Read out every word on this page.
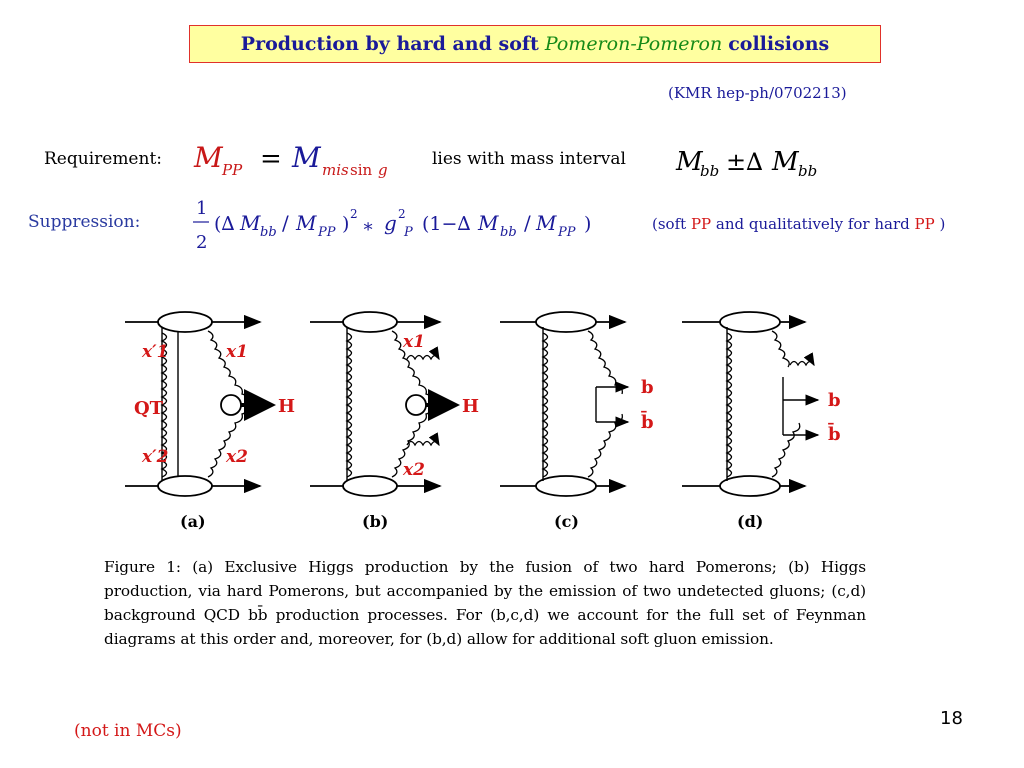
Production by hard and soft Pomeron-Pomeron collisions
(KMR hep-ph/0702213)
Requirement: M PP = M mis sin g
lies with mass interval M
bb ±∆ M bb
Suppression:
1
2
(∆ M bb / M PP ) 2
∗ g 2
P (1−∆ M bb / M PP )	(soft PP and qualitatively for hard PP )
x′1	x1
QT	H
x′2	x2
(a)
x1
H
x2
(b)
b
b̄
(c)
b
b̄
(d)
Figure 1: (a) Exclusive Higgs production by the fusion of two hard Pomerons; (b) Higgs production, via hard Pomerons, but accompanied by the emission of two undetected gluons; (c,d) background QCD bb̄ production processes. For (b,c,d) we account for the full set of Feynman diagrams at this order and, moreover, for (b,d) allow for additional soft gluon emission.
(not in MCs)
18
